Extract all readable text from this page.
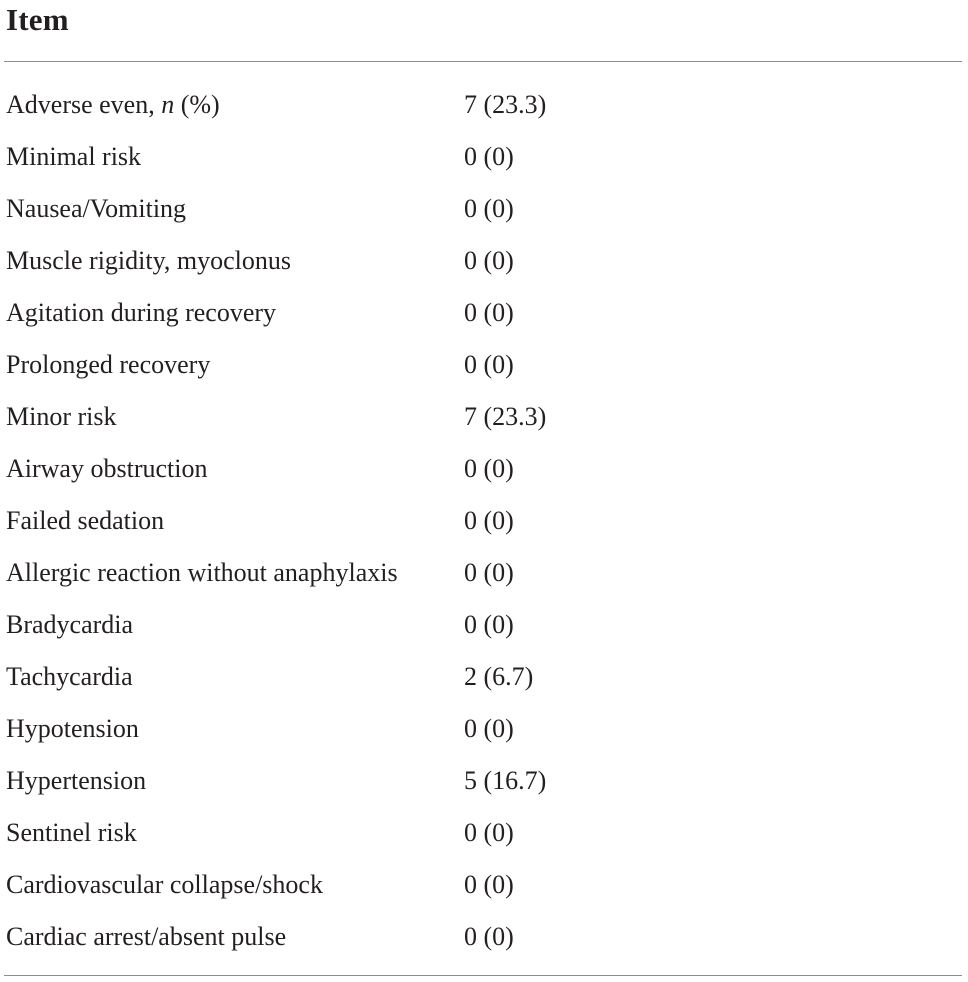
Item
Adverse even, n (%)	7 (23.3)
Minimal risk	0 (0)
Nausea/Vomiting	0 (0)
Muscle rigidity, myoclonus	0 (0)
Agitation during recovery	0 (0)
Prolonged recovery	0 (0)
Minor risk	7 (23.3)
Airway obstruction	0 (0)
Failed sedation	0 (0)
Allergic reaction without anaphylaxis	0 (0)
Bradycardia	0 (0)
Tachycardia	2 (6.7)
Hypotension	0 (0)
Hypertension	5 (16.7)
Sentinel risk	0 (0)
Cardiovascular collapse/shock	0 (0)
Cardiac arrest/absent pulse	0 (0)
